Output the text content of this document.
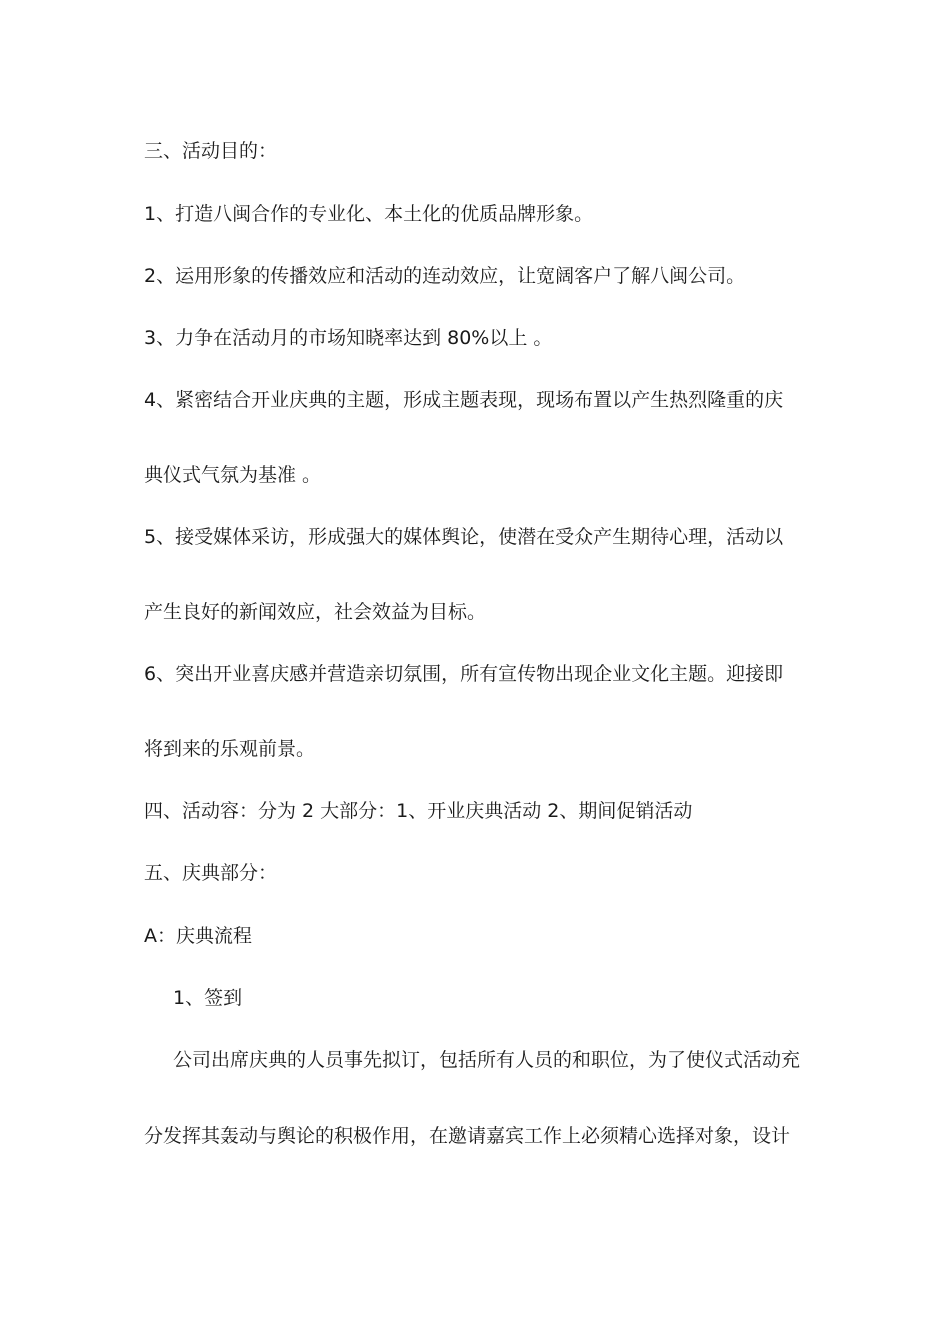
三、活动目的：
1、打造八闽合作的专业化、本土化的优质品牌形象。
2、运用形象的传播效应和活动的连动效应，让宽阔客户了解八闽公司。
3、力争在活动月的市场知晓率达到 80%以上 。
4、紧密结合开业庆典的主题，形成主题表现，现场布置以产生热烈隆重的庆
典仪式气氛为基准 。
5、接受媒体采访，形成强大的媒体舆论，使潜在受众产生期待心理，活动以
产生良好的新闻效应，社会效益为目标。
6、突出开业喜庆感并营造亲切氛围，所有宣传物出现企业文化主题。迎接即
将到来的乐观前景。
四、活动容：分为 2 大部分：1、开业庆典活动 2、期间促销活动
五、庆典部分：
A：庆典流程
1、签到
公司出席庆典的人员事先拟订，包括所有人员的和职位，为了使仪式活动充
分发挥其轰动与舆论的积极作用，在邀请嘉宾工作上必须精心选择对象，设计
